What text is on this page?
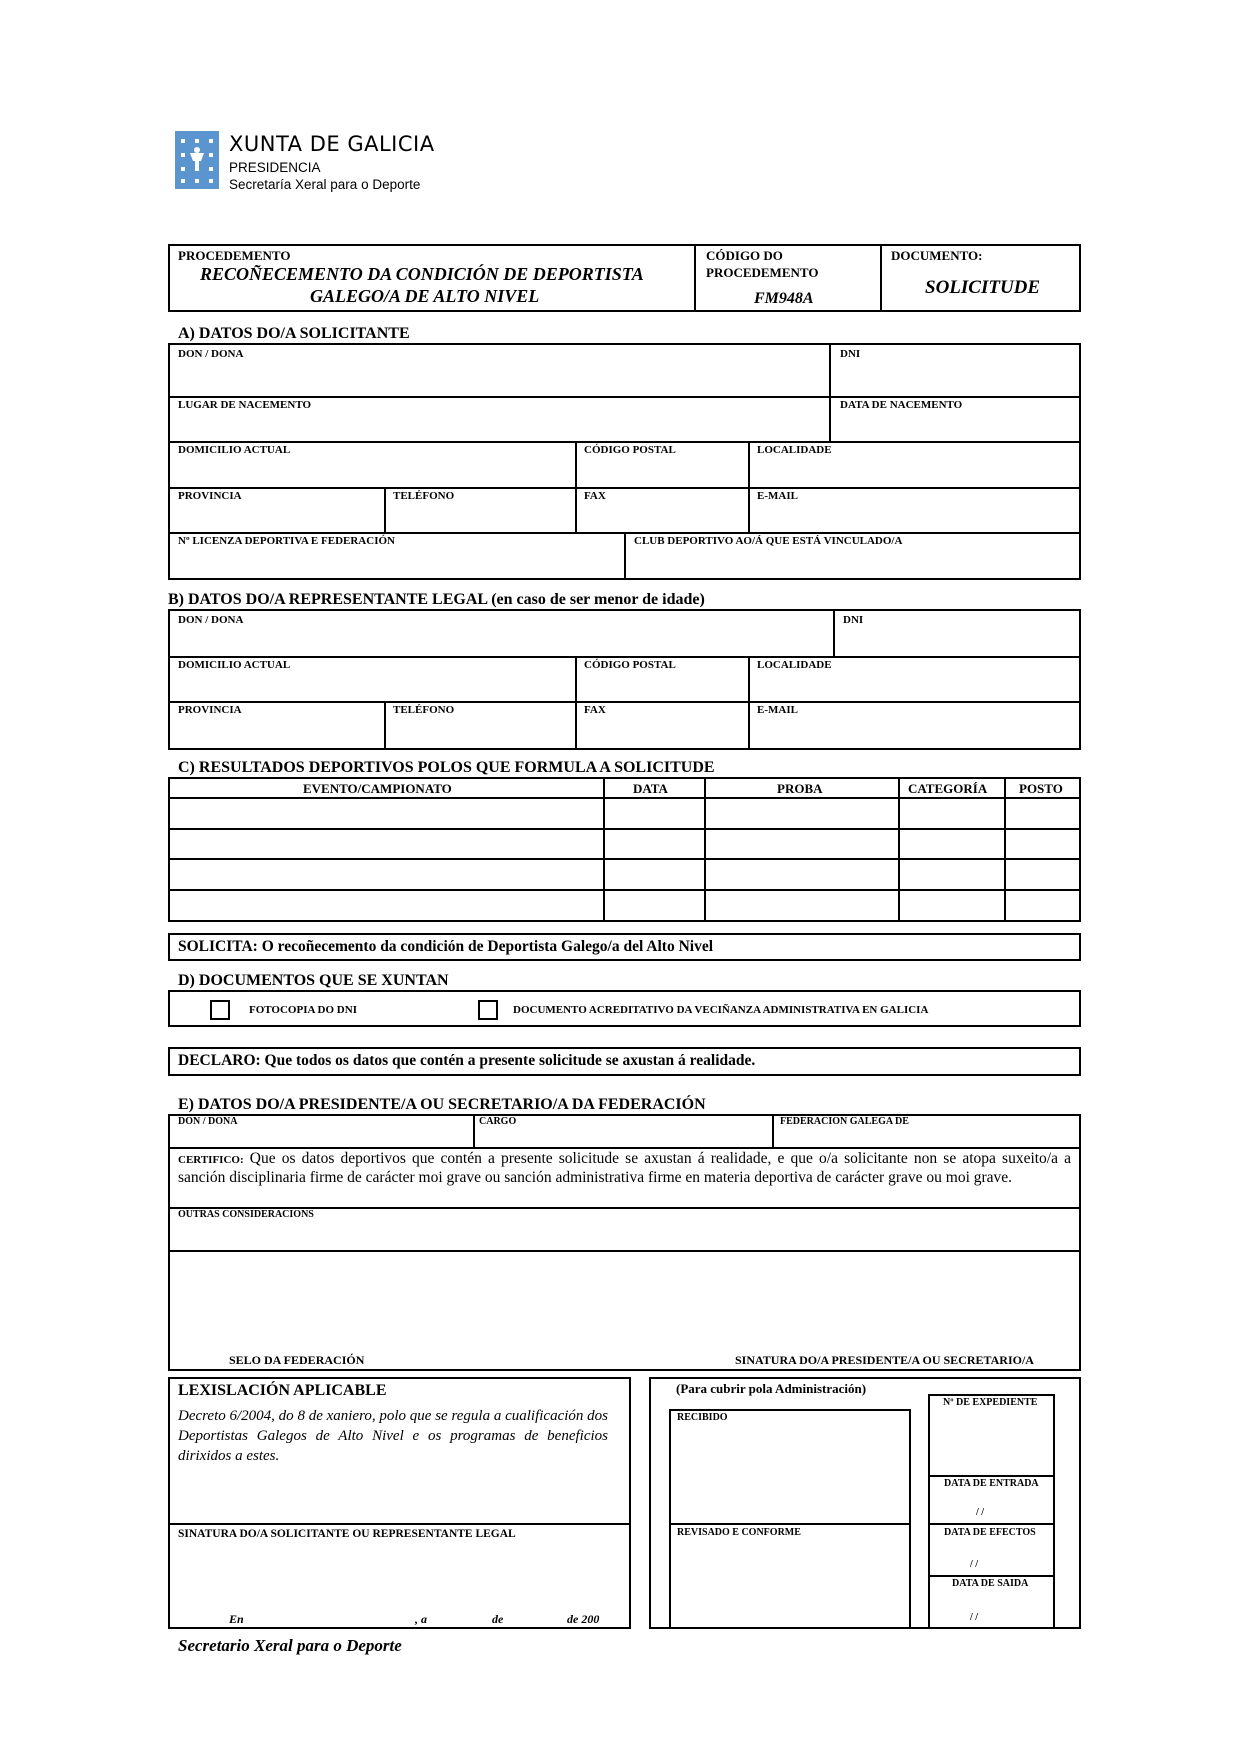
XUNTA DE GALICIA
PRESIDENCIA
Secretaría Xeral para o Deporte
PROCEDEMENTO
RECOÑECEMENTO DA CONDICIÓN DE DEPORTISTA
GALEGO/A DE ALTO NIVEL
CÓDIGO DO
PROCEDEMENTO
FM948A
DOCUMENTO:
SOLICITUDE
A) DATOS DO/A SOLICITANTE
DON / DONA	DNI
LUGAR DE NACEMENTO	DATA DE NACEMENTO
DOMICILIO ACTUAL	CÓDIGO POSTAL	LOCALIDADE
PROVINCIA	TELÉFONO	FAX	E-MAIL
Nº LICENZA DEPORTIVA E FEDERACIÓN	CLUB DEPORTIVO AO/Á QUE ESTÁ VINCULADO/A
B) DATOS DO/A REPRESENTANTE LEGAL (en caso de ser menor de idade)
DON / DONA	DNI
DOMICILIO ACTUAL	CÓDIGO POSTAL	LOCALIDADE
PROVINCIA	TELÉFONO	FAX	E-MAIL
C) RESULTADOS DEPORTIVOS POLOS QUE FORMULA A SOLICITUDE
EVENTO/CAMPIONATO	DATA	PROBA	CATEGORÍA POSTO
SOLICITA: O recoñecemento da condición de Deportista Galego/a del Alto Nivel
D) DOCUMENTOS QUE SE XUNTAN
FOTOCOPIA DO DNI	DOCUMENTO ACREDITATIVO DA VECIÑANZA ADMINISTRATIVA EN GALICIA
DECLARO: Que todos os datos que contén a presente solicitude se axustan á realidade.
E) DATOS DO/A PRESIDENTE/A OU SECRETARIO/A DA FEDERACIÓN
DON / DONA	CARGO	FEDERACION GALEGA DE
CERTIFICO: Que os datos deportivos que contén a presente solicitude se axustan á realidade, e que o/a solicitante non se atopa suxeito/a a sanción disciplinaria firme de carácter moi grave ou sanción administrativa firme en materia deportiva de carácter grave ou moi grave.
OUTRAS CONSIDERACIONS
SELO DA FEDERACIÓN	SINATURA DO/A PRESIDENTE/A OU SECRETARIO/A
LEXISLACIÓN APLICABLE
Decreto 6/2004, do 8 de xaniero, polo que se regula a cualificación dos Deportistas Galegos de Alto Nivel e os programas de beneficios dirixidos a estes.
SINATURA DO/A SOLICITANTE OU REPRESENTANTE LEGAL
En	, a	de	de 200
(Para cubrir pola Administración)
RECIBIDO
REVISADO E CONFORME
Nº DE EXPEDIENTE
DATA DE ENTRADA
/ /
DATA DE EFECTOS
/ /
DATA DE SAIDA
/ /
Secretario Xeral para o Deporte
